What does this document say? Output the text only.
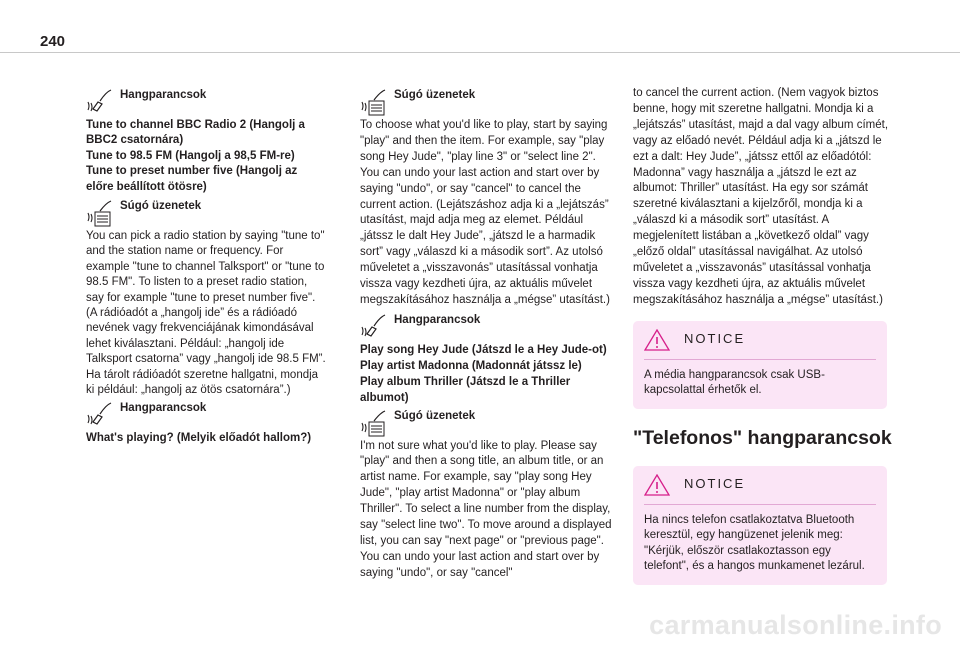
240
Hangparancsok

Tune to channel BBC Radio 2 (Hangolj a BBC2 csatornára)
Tune to 98.5 FM (Hangolj a 98,5 FM-re)
Tune to preset number five (Hangolj az előre beállított ötösre)

Súgó üzenetek

You can pick a radio station by saying "tune to" and the station name or frequency. For example "tune to channel Talksport" or "tune to 98.5 FM". To listen to a preset radio station, say for example "tune to preset number five". (A rádióadót a „hangolj ide” és a rádióadó nevének vagy frekvenciájának kimondásával lehet kiválasztani. Például: „hangolj ide Talksport csatorna” vagy „hangolj ide 98.5 FM”. Ha tárolt rádióadót szeretne hallgatni, mondja ki például: „hangolj az ötös csatornára”.)

Hangparancsok

What's playing? (Melyik előadót hallom?)

Súgó üzenetek

To choose what you'd like to play, start by saying "play" and then the item. For example, say "play song Hey Jude", "play line 3" or "select line 2". You can undo your last action and start over by saying "undo", or say "cancel" to cancel the current action. (Lejátszáshoz adja ki a „lejátszás” utasítást, majd adja meg az elemet. Például „játssz le dalt Hey Jude”, „játszd le a harmadik sort” vagy „válaszd ki a második sort”. Az utolsó műveletet a „visszavonás” utasítással vonhatja vissza vagy kezdheti újra, az aktuális művelet megszakításához használja a „mégse” utasítást.)

Hangparancsok

Play song Hey Jude (Játszd le a Hey Jude-ot)
Play artist Madonna (Madonnát játssz le)
Play album Thriller (Játszd le a Thriller albumot)

Súgó üzenetek

I'm not sure what you'd like to play. Please say "play" and then a song title, an album title, or an artist name. For example, say "play song Hey Jude", "play artist Madonna" or "play album Thriller". To select a line number from the display, say "select line two". To move around a displayed list, you can say "next page" or "previous page". You can undo your last action and start over by saying "undo", or say "cancel"

to cancel the current action. (Nem vagyok biztos benne, hogy mit szeretne hallgatni. Mondja ki a „lejátszás” utasítást, majd a dal vagy album címét, vagy az előadó nevét. Például adja ki a „játszd le ezt a dalt: Hey Jude”, „játssz ettől az előadótól: Madonna” vagy használja a „játszd le ezt az albumot: Thriller” utasítást. Ha egy sor számát szeretné kiválasztani a kijelzőről, mondja ki a „válaszd ki a második sort” utasítást. A megjelenített listában a „következő oldal” vagy „előző oldal” utasítással navigálhat. Az utolsó műveletet a „visszavonás” utasítással vonhatja vissza vagy kezdheti újra, az aktuális művelet megszakításához használja a „mégse” utasítást.)

NOTICE

A média hangparancsok csak USB-kapcsolattal érhetők el.

"Telefonos" hangparancsok
NOTICE

Ha nincs telefon csatlakoztatva Bluetooth keresztül, egy hangüzenet jelenik meg: "Kérjük, először csatlakoztasson egy telefont", és a hangos munkamenet lezárul.

carmanualsonline.info
